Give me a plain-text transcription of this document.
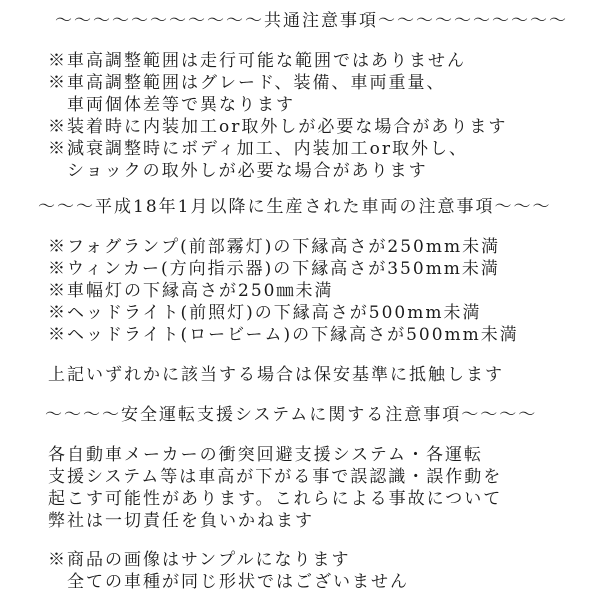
～～～～～～～～～～～共通注意事項～～～～～～～～～～
※車高調整範囲は走行可能な範囲ではありません
※車高調整範囲はグレード、装備、車両重量、
車両個体差等で異なります
※装着時に内装加工or取外しが必要な場合があります
※減衰調整時にボディ加工、内装加工or取外し、
ショックの取外しが必要な場合があります
～～～平成18年1月以降に生産された車両の注意事項～～～
※フォグランプ(前部霧灯)の下縁高さが250mm未満
※ウィンカー(方向指示器)の下縁高さが350mm未満
※車幅灯の下縁高さが250㎜未満
※ヘッドライト(前照灯)の下縁高さが500mm未満
※ヘッドライト(ロービーム)の下縁高さが500mm未満
上記いずれかに該当する場合は保安基準に抵触します
～～～～安全運転支援システムに関する注意事項～～～～
各自動車メーカーの衝突回避支援システム・各運転
支援システム等は車高が下がる事で誤認識・誤作動を
起こす可能性があります。これらによる事故について
弊社は一切責任を負いかねます
※商品の画像はサンプルになります
全ての車種が同じ形状ではございません
